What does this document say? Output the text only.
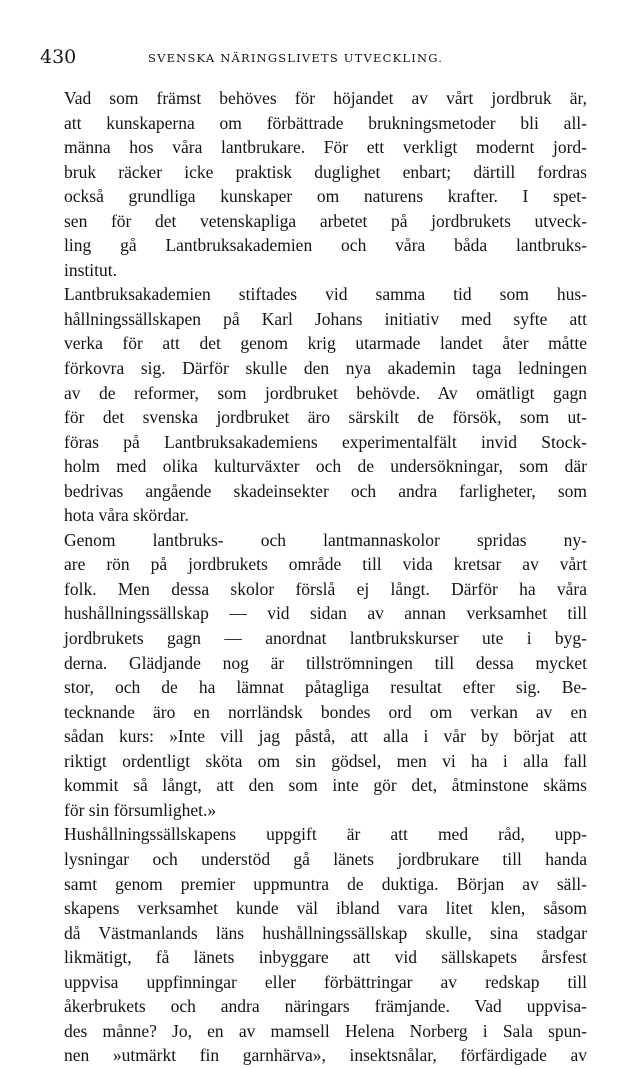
430	SVENSKA NÄRINGSLIVETS UTVECKLING.
Vad som främst behöves för höjandet av vårt jordbruk är,
att kunskaperna om förbättrade brukningsmetoder bli all-
männa hos våra lantbrukare. För ett verkligt modernt jord-
bruk räcker icke praktisk duglighet enbart; därtill fordras
också grundliga kunskaper om naturens krafter. I spet-
sen för det vetenskapliga arbetet på jordbrukets utveck-
ling gå Lantbruksakademien och våra båda lantbruks-
institut.
Lantbruksakademien stiftades vid samma tid som hus-
hållningssällskapen på Karl Johans initiativ med syfte att
verka för att det genom krig utarmade landet åter måtte
förkovra sig. Därför skulle den nya akademin taga ledningen
av de reformer, som jordbruket behövde. Av omätligt gagn
för det svenska jordbruket äro särskilt de försök, som ut-
föras på Lantbruksakademiens experimentalfält invid Stock-
holm med olika kulturväxter och de undersökningar, som där
bedrivas angående skadeinsekter och andra farligheter, som
hota våra skördar.
Genom lantbruks- och lantmannaskolor spridas ny-
are rön på jordbrukets område till vida kretsar av vårt
folk. Men dessa skolor förslå ej långt. Därför ha våra
hushållningssällskap — vid sidan av annan verksamhet till
jordbrukets gagn — anordnat lantbrukskurser ute i byg-
derna. Glädjande nog är tillströmningen till dessa mycket
stor, och de ha lämnat påtagliga resultat efter sig. Be-
tecknande äro en norrländsk bondes ord om verkan av en
sådan kurs: »Inte vill jag påstå, att alla i vår by börjat att
riktigt ordentligt sköta om sin gödsel, men vi ha i alla fall
kommit så långt, att den som inte gör det, åtminstone skäms
för sin försumlighet.»
Hushållningssällskapens uppgift är att med råd, upp-
lysningar och understöd gå länets jordbrukare till handa
samt genom premier uppmuntra de duktiga. Början av säll-
skapens verksamhet kunde väl ibland vara litet klen, såsom
då Västmanlands läns hushållningssällskap skulle, sina stadgar
likmätigt, få länets inbyggare att vid sällskapets årsfest
uppvisa uppfinningar eller förbättringar av redskap till
åkerbrukets och andra näringars främjande. Vad uppvisa-
des månne? Jo, en av mamsell Helena Norberg i Sala spun-
nen »utmärkt fin garnhärva», insektsnålar, förfärdigade av
